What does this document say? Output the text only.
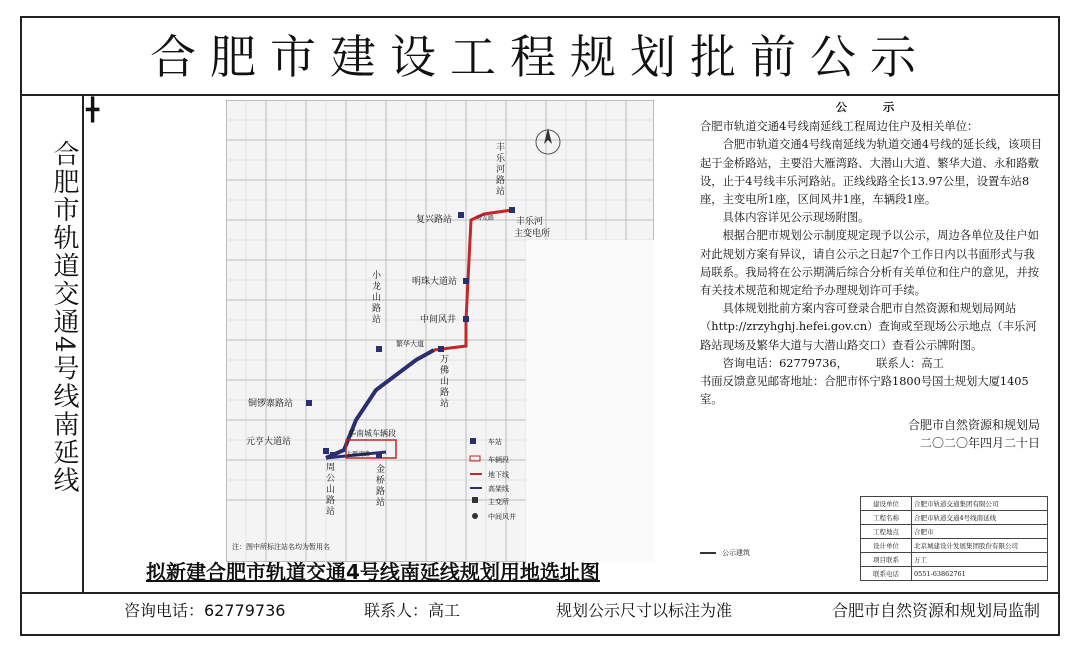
合肥市建设工程规划批前公示
合肥市轨道交通4号线南延线
╋
丰
乐
河
路
站
复兴路站	丰乐河
主变电所
明珠大道站
中间风井
小
龙
山
路
站
万
佛
山
路
站
铜锣寨路站
元亨大道站
周
公
山
路
站
金
桥
路
站
华南城车辆段
繁华大道
大雁湾路
习友路
车站
车辆段
地下线
高架线
主变所
中间风井
注：图中所标注站名均为暂用名
拟新建合肥市轨道交通4号线南延线规划用地选址图
公 示

合肥市轨道交通4号线南延线工程周边住户及相关单位：

合肥市轨道交通4号线南延线为轨道交通4号线的延长线，该项目起于金桥路站，主要沿大雁湾路、大潜山大道、繁华大道、永和路敷设，止于4号线丰乐河路站。正线线路全长13.97公里，设置车站8座，主变电所1座，区间风井1座，车辆段1座。

具体内容详见公示现场附图。

根据合肥市规划公示制度规定现予以公示，周边各单位及住户如对此规划方案有异议，请自公示之日起7个工作日内以书面形式与我局联系。我局将在公示期满后综合分析有关单位和住户的意见，并按有关技术规范和规定给予办理规划许可手续。

具体规划批前方案内容可登录合肥市自然资源和规划局网站（http://zrzyhghj.hefei.gov.cn）查询或至现场公示地点（丰乐河路站现场及繁华大道与大潜山路交口）查看公示牌附图。

咨询电话：62779736，　　　联系人：高工

书面反馈意见邮寄地址：合肥市怀宁路1800号国土规划大厦1405室。

合肥市自然资源和规划局
二〇二〇年四月二十日
建设单位	合肥市轨道交通集团有限公司
工程名称	合肥市轨道交通4号线南延线
工程地点	合肥市
设计单位	北京城建设计发展集团股份有限公司
项目联系	万工
联系电话	0551-63862761
公示建筑
咨询电话：62779736	联系人：高工	规划公示尺寸以标注为准	合肥市自然资源和规划局监制
